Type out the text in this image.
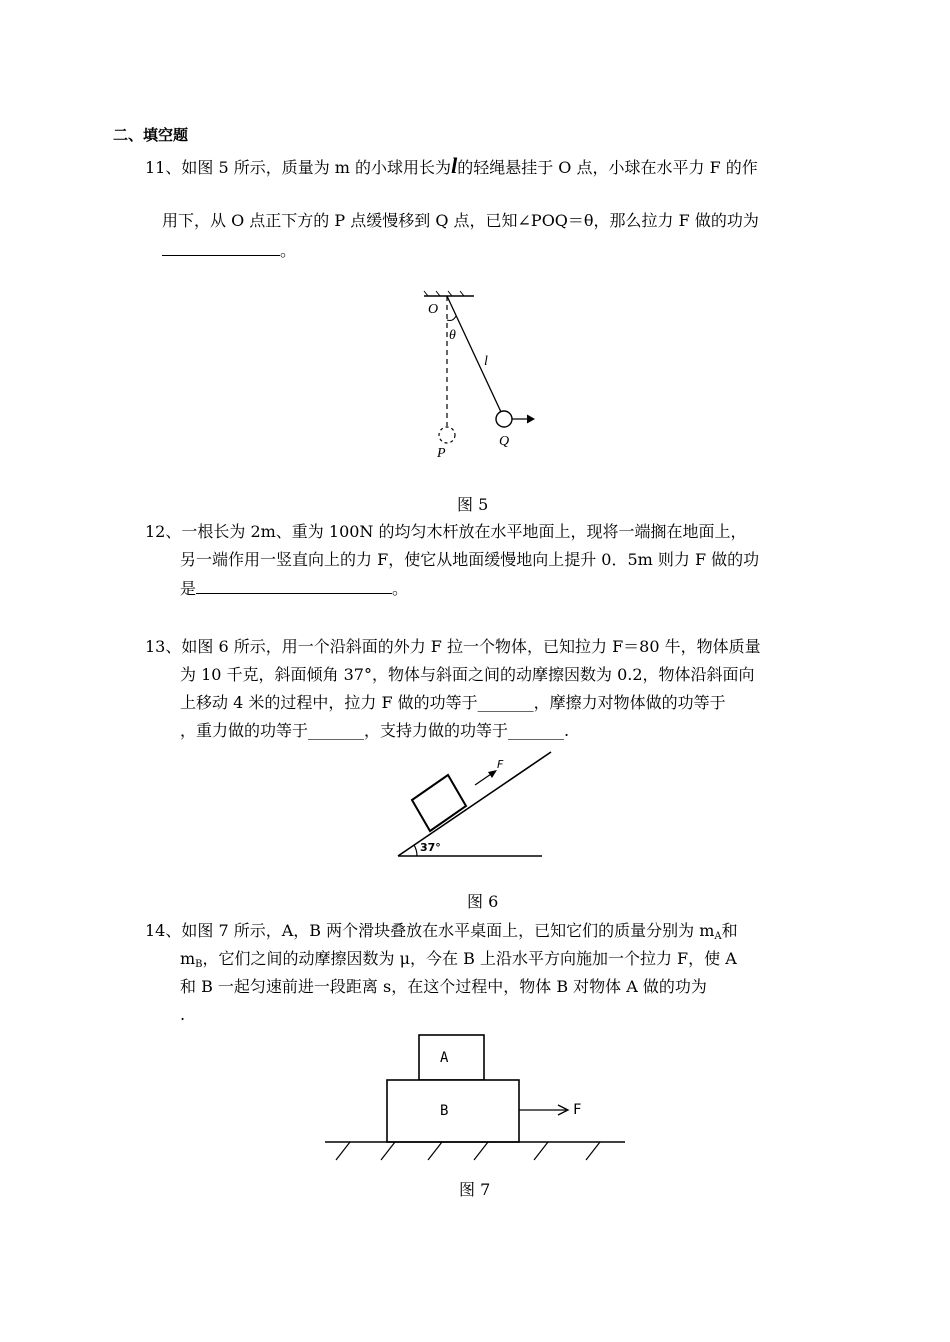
二、填空题
11、如图 5 所示，质量为 m 的小球用长为l的轻绳悬挂于 O 点，小球在水平力 F 的作
用下，从 O 点正下方的 P 点缓慢移到 Q 点，已知∠POQ＝θ，那么拉力 F 做的功为
。
O
θ
l
P
Q
图 5
12、一根长为 2m、重为 100N 的均匀木杆放在水平地面上，现将一端搁在地面上，
另一端作用一竖直向上的力 F，使它从地面缓慢地向上提升 0．5m 则力 F 做的功
是	。
13、如图 6 所示，用一个沿斜面的外力 F 拉一个物体，已知拉力 F＝80 牛，物体质量
为 10 千克，斜面倾角 37°，物体与斜面之间的动摩擦因数为 0.2，物体沿斜面向
上移动 4 米的过程中，拉力 F 做的功等于_______，摩擦力对物体做的功等于
，重力做的功等于_______，支持力做的功等于_______.
F
37°
图 6
14、如图 7 所示，A，B 两个滑块叠放在水平桌面上，已知它们的质量分别为 $m_A$和
$m_B$，它们之间的动摩擦因数为 μ，今在 B 上沿水平方向施加一个拉力 F，使 A
和 B 一起匀速前进一段距离 s，在这个过程中，物体 B 对物体 A 做的功为
.
A
B	F
图 7
